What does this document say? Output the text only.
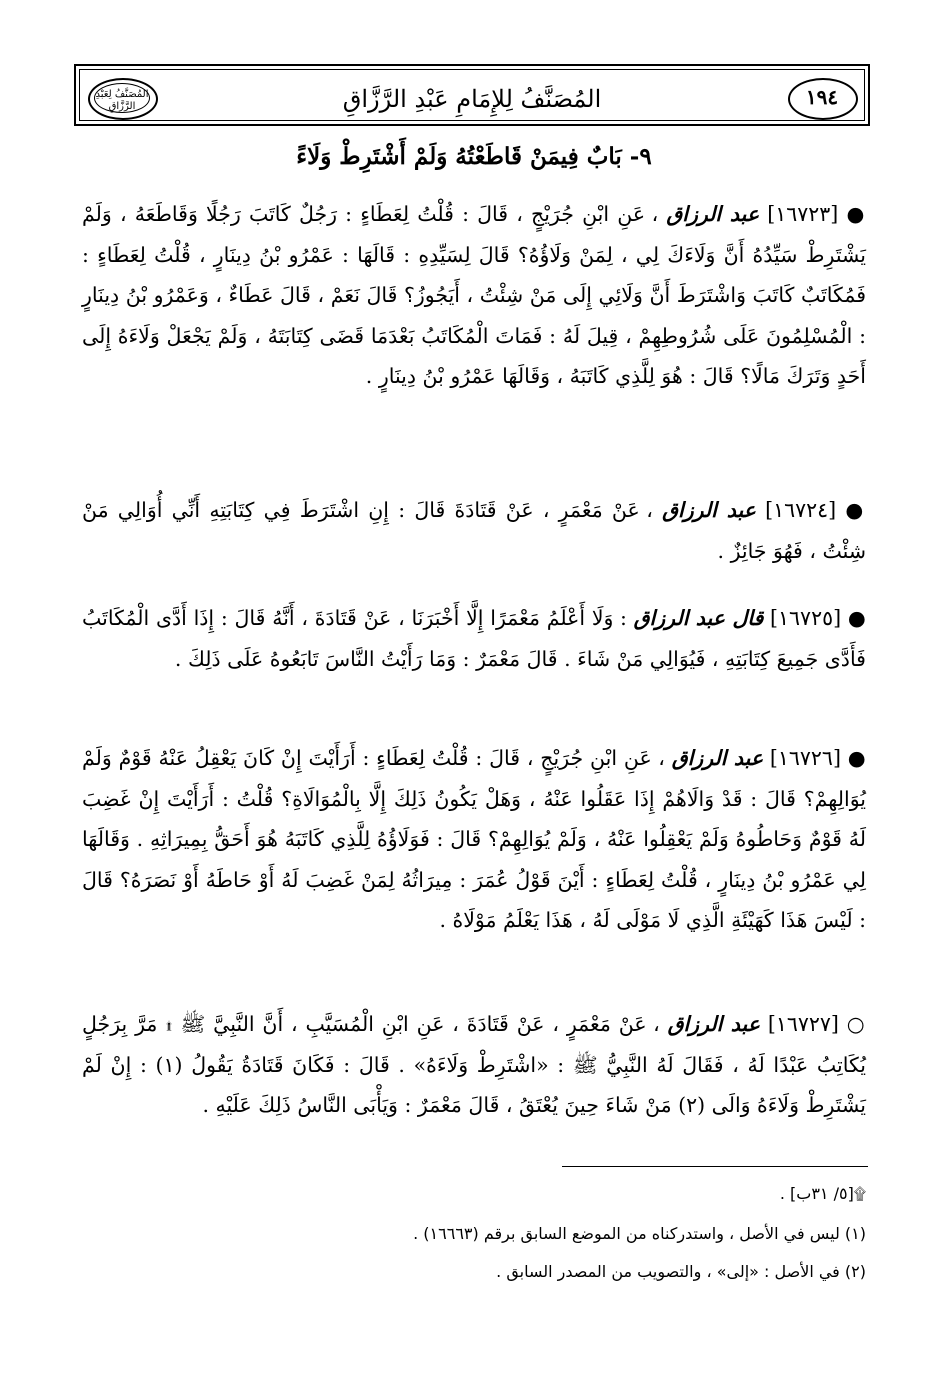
المُصَنَّفُ لِعَبْدِ الرَّزَّاقِ	المُصَنَّفُ لِلإِمَامِ عَبْدِ الرَّزَّاقِ	١٩٤
٩- بَابٌ فِيمَنْ قَاطَعْتُهُ وَلَمْ أَشْتَرِطْ وَلَاءً
● [١٦٧٢٣] عبد الرزاق ، عَنِ ابْنِ جُرَيْجٍ ، قَالَ : قُلْتُ لِعَطَاءٍ : رَجُلٌ كَاتَبَ رَجُلًا وَقَاطَعَهُ ، وَلَمْ يَشْتَرِطْ سَيِّدُهُ أَنَّ وَلَاءَكَ لِي ، لِمَنْ وَلَاؤُهُ؟ قَالَ لِسَيِّدِهِ : قَالَهَا : عَمْرُو بْنُ دِينَارٍ ، قُلْتُ لِعَطَاءٍ : فَمُكَاتَبٌ كَاتَبَ وَاشْتَرَطَ أَنَّ وَلَائِي إِلَى مَنْ شِئْتُ ، أَيَجُوزُ؟ قَالَ نَعَمْ ، قَالَ عَطَاءٌ ، وَعَمْرُو بْنُ دِينَارٍ : الْمُسْلِمُونَ عَلَى شُرُوطِهِمْ ، قِيلَ لَهُ : فَمَاتَ الْمُكَاتَبُ بَعْدَمَا قَضَى كِتَابَتَهُ ، وَلَمْ يَجْعَلْ وَلَاءَهُ إِلَى أَحَدٍ وَتَرَكَ مَالًا؟ قَالَ : هُوَ لِلَّذِي كَاتَبَهُ ، وَقَالَهَا عَمْرُو بْنُ دِينَارٍ .
● [١٦٧٢٤] عبد الرزاق ، عَنْ مَعْمَرٍ ، عَنْ قَتَادَةَ قَالَ : إِنِ اشْتَرَطَ فِي كِتَابَتِهِ أَنِّي أُوَالِي مَنْ شِئْتُ ، فَهُوَ جَائِزٌ .
● [١٦٧٢٥] قال عبد الرزاق : وَلَا أَعْلَمُ مَعْمَرًا إِلَّا أَخْبَرَنَا ، عَنْ قَتَادَةَ ، أَنَّهُ قَالَ : إِذَا أَدَّى الْمُكَاتَبُ فَأَدَّى جَمِيعَ كِتَابَتِهِ ، فَيُوَالِي مَنْ شَاءَ . قَالَ مَعْمَرٌ : وَمَا رَأَيْتُ النَّاسَ تَابَعُوهُ عَلَى ذَلِكَ .
● [١٦٧٢٦] عبد الرزاق ، عَنِ ابْنِ جُرَيْجٍ ، قَالَ : قُلْتُ لِعَطَاءٍ : أَرَأَيْتَ إِنْ كَانَ يَعْقِلُ عَنْهُ قَوْمٌ وَلَمْ يُوَالِهِمْ؟ قَالَ : قَدْ وَالَاهُمْ إِذَا عَقَلُوا عَنْهُ ، وَهَلْ يَكُونُ ذَلِكَ إِلَّا بِالْمُوَالَاةِ؟ قُلْتُ : أَرَأَيْتَ إِنْ غَضِبَ لَهُ قَوْمٌ وَحَاطُوهُ وَلَمْ يَعْقِلُوا عَنْهُ ، وَلَمْ يُوَالِهِمْ؟ قَالَ : فَوَلَاؤُهُ لِلَّذِي كَاتَبَهُ هُوَ أَحَقُّ بِمِيرَاثِهِ . وَقَالَهَا لِي عَمْرُو بْنُ دِينَارٍ ، قُلْتُ لِعَطَاءٍ : أَيْنَ قَوْلُ عُمَرَ : مِيرَاثُهُ لِمَنْ غَضِبَ لَهُ أَوْ حَاطَهُ أَوْ نَصَرَهُ؟ قَالَ : لَيْسَ هَذَا كَهَيْئَةِ الَّذِي لَا مَوْلَى لَهُ ، هَذَا يَعْلَمُ مَوْلَاهُ .
○ [١٦٧٢٧] عبد الرزاق ، عَنْ مَعْمَرٍ ، عَنْ قَتَادَةَ ، عَنِ ابْنِ الْمُسَيَّبِ ، أَنَّ النَّبِيَّ ﷺ ۩ مَرَّ بِرَجُلٍ يُكَاتِبُ عَبْدًا لَهُ ، فَقَالَ لَهُ النَّبِيُّ ﷺ : «اشْتَرِطْ وَلَاءَهُ» . قَالَ : فَكَانَ قَتَادَةُ يَقُولُ (١) : إِنْ لَمْ يَشْتَرِطْ وَلَاءَهُ وَالَى (٢) مَنْ شَاءَ حِينَ يُعْتَقُ ، قَالَ مَعْمَرٌ : وَيَأْبَى النَّاسُ ذَلِكَ عَلَيْهِ .
۩[٥/ ٣١ب] .
(١) ليس في الأصل ، واستدركناه من الموضع السابق برقم (١٦٦٦٣) .
(٢) في الأصل : «إلى» ، والتصويب من المصدر السابق .
